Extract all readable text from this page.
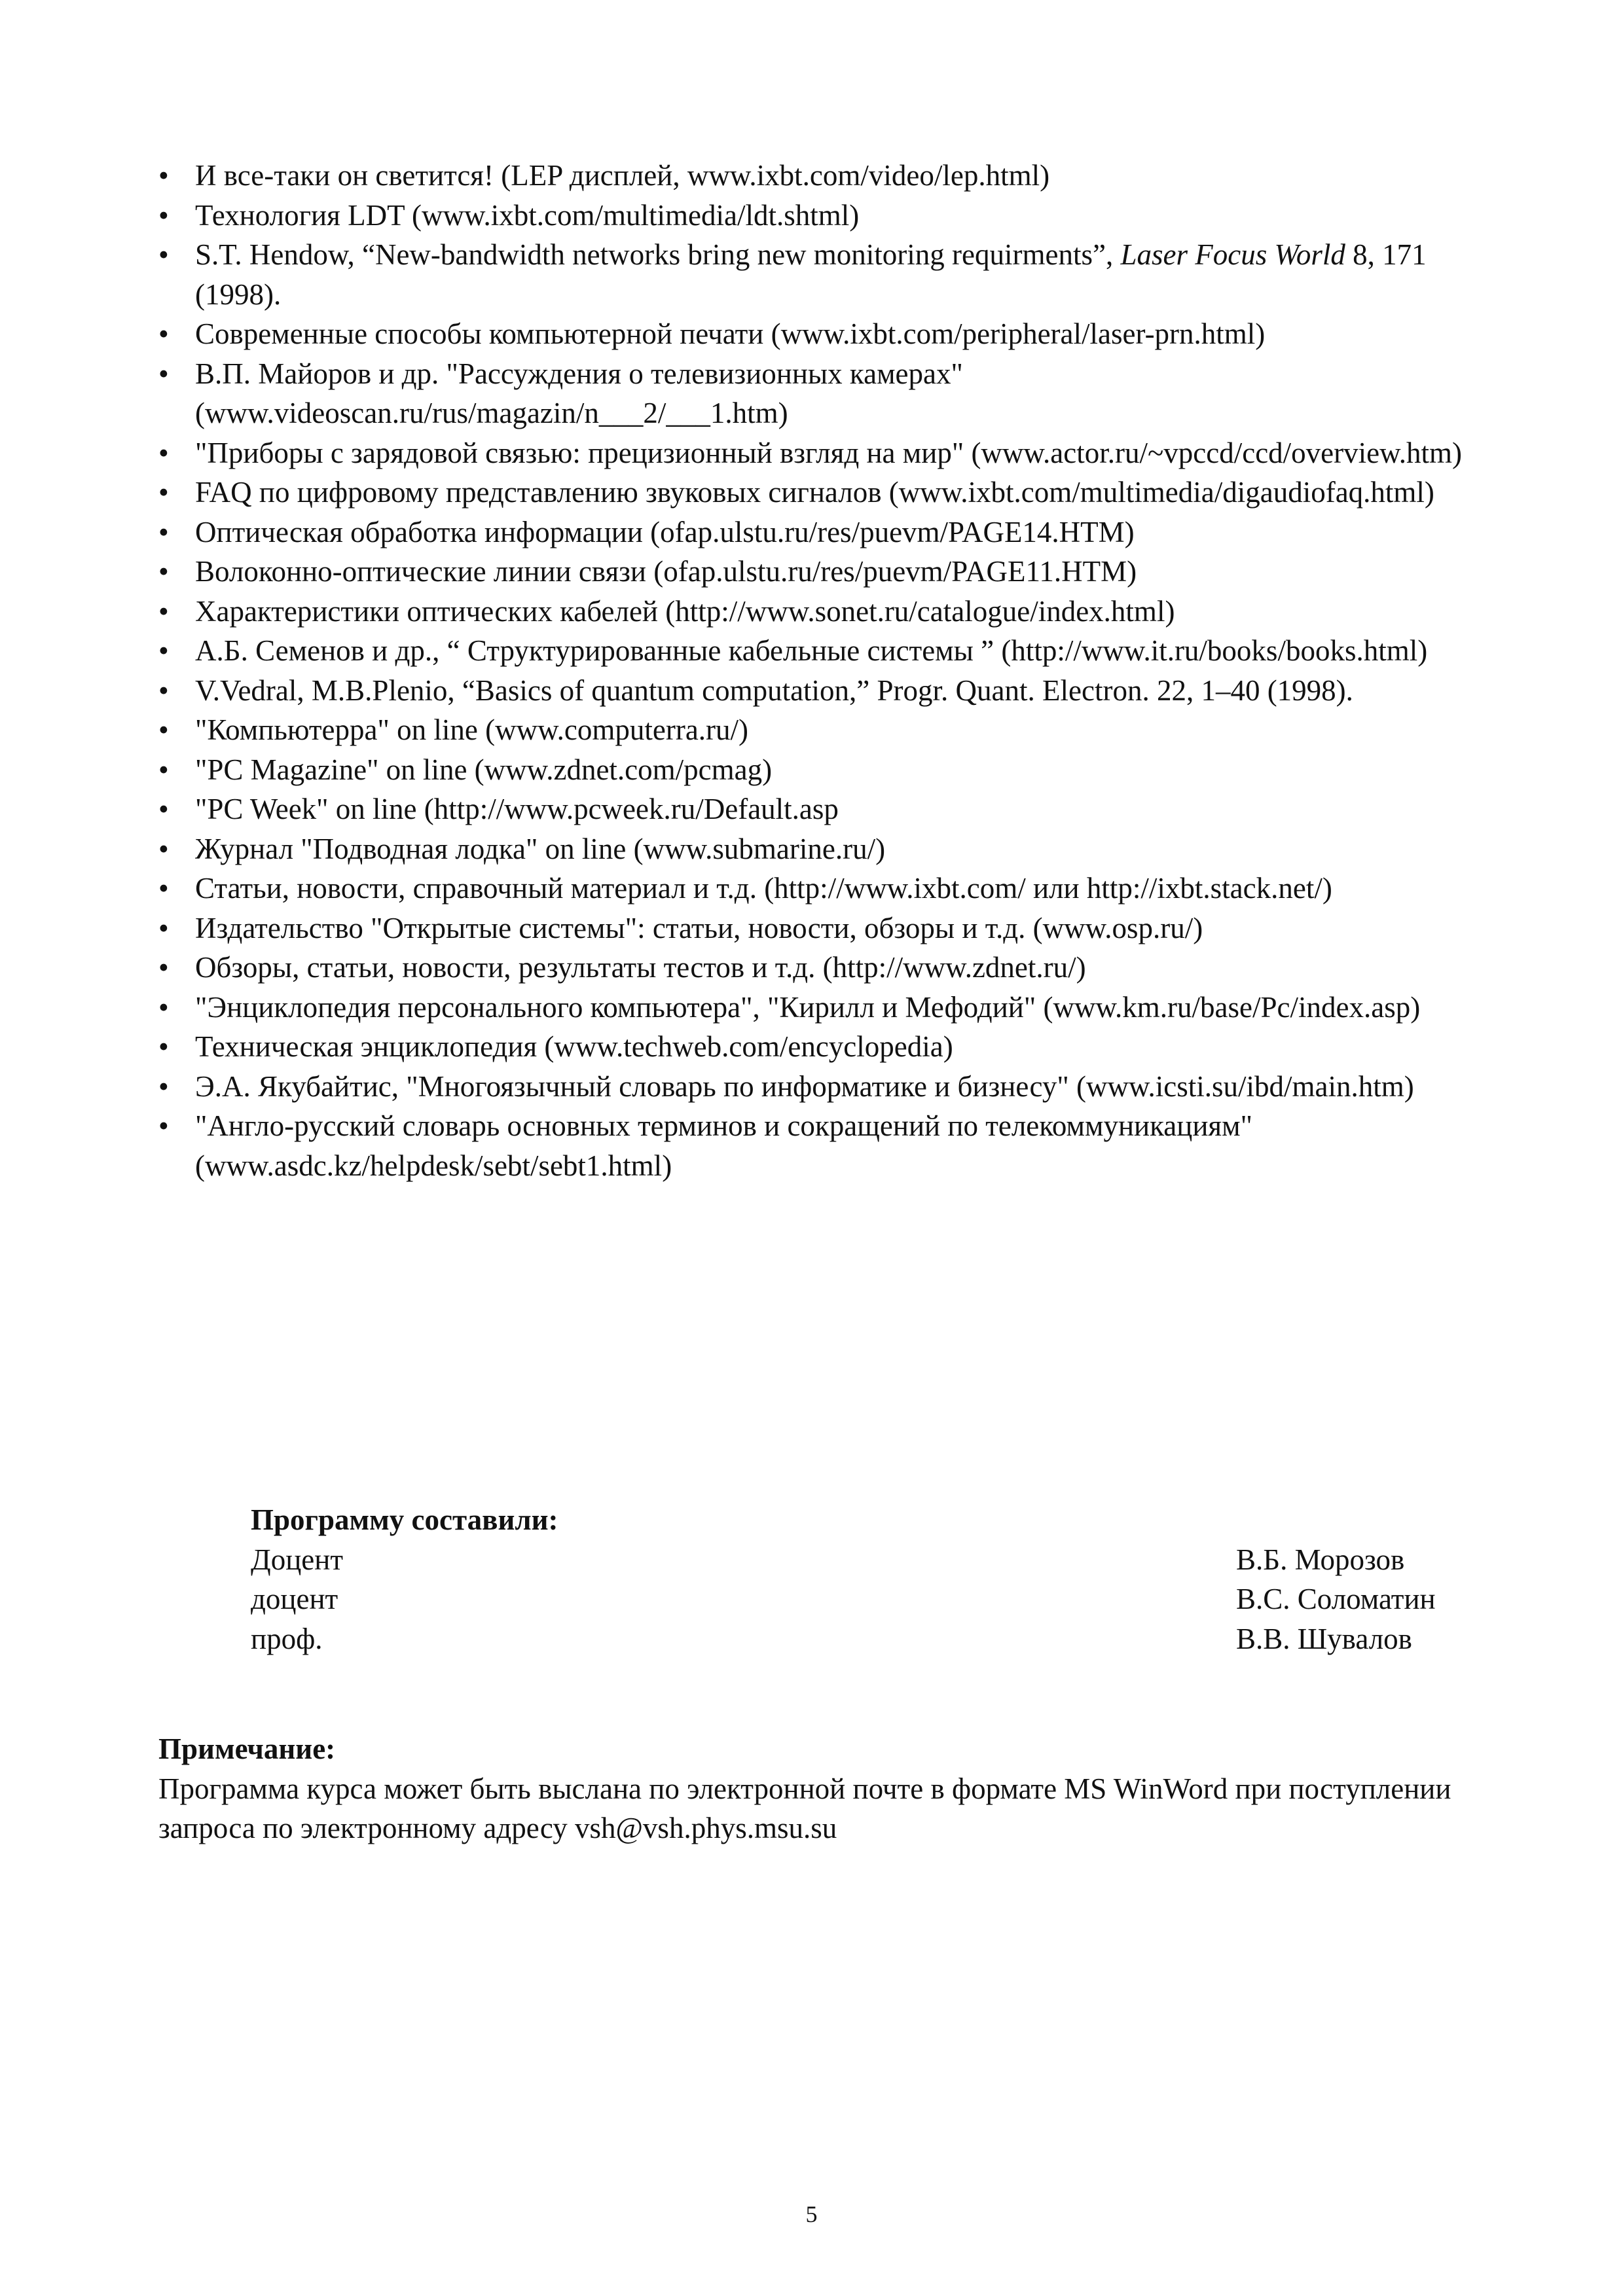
• И все-таки он светится! (LEP дисплей, www.ixbt.com/video/lep.html)
• Технология LDT (www.ixbt.com/multimedia/ldt.shtml)
• S.T. Hendow, “New-bandwidth networks bring new monitoring requirments”, Laser Focus World 8, 171 (1998).
• Современные способы компьютерной печати (www.ixbt.com/peripheral/laser-prn.html)
• В.П. Майоров и др. "Рассуждения о телевизионных камерах" (www.videoscan.ru/rus/magazin/n___2/___1.htm)
• "Приборы с зарядовой связью: прецизионный взгляд на мир" (www.actor.ru/~vpccd/ccd/overview.htm)
• FAQ по цифровому представлению звуковых сигналов (www.ixbt.com/multimedia/digaudiofaq.html)
• Оптическая обработка информации (ofap.ulstu.ru/res/puevm/PAGE14.HTM)
• Волоконно-оптические линии связи (ofap.ulstu.ru/res/puevm/PAGE11.HTM)
• Характеристики оптических кабелей (http://www.sonet.ru/catalogue/index.html)
• А.Б. Семенов и др., “ Структурированные кабельные системы ” (http://www.it.ru/books/books.html)
• V.Vedral, M.B.Plenio, “Basics of quantum computation,” Progr. Quant. Electron. 22, 1–40 (1998).
• "Компьютерра" on line (www.computerra.ru/)
• "PC Magazine" on line (www.zdnet.com/pcmag)
• "PC Week" on line (http://www.pcweek.ru/Default.asp
• Журнал "Подводная лодка" on line (www.submarine.ru/)
• Статьи, новости, справочный материал и т.д. (http://www.ixbt.com/ или http://ixbt.stack.net/)
• Издательство "Открытые системы": статьи, новости, обзоры и т.д. (www.osp.ru/)
• Обзоры, статьи, новости, результаты тестов и т.д. (http://www.zdnet.ru/)
• "Энциклопедия персонального компьютера", "Кирилл и Мефодий" (www.km.ru/base/Pc/index.asp)
• Техническая энциклопедия (www.techweb.com/encyclopedia)
• Э.А. Якубайтис, "Многоязычный словарь по информатике и бизнесу" (www.icsti.su/ibd/main.htm)
• "Англо-русский словарь основных терминов и сокращений по телекоммуникациям" (www.asdc.kz/helpdesk/sebt/sebt1.html)
Программу составили:
Доцент	В.Б. Морозов
доцент	В.С. Соломатин
проф.	В.В. Шувалов
Примечание:
Программа курса может быть выслана по электронной почте в формате MS WinWord при поступлении запроса по электронному адресу vsh@vsh.phys.msu.su
5
